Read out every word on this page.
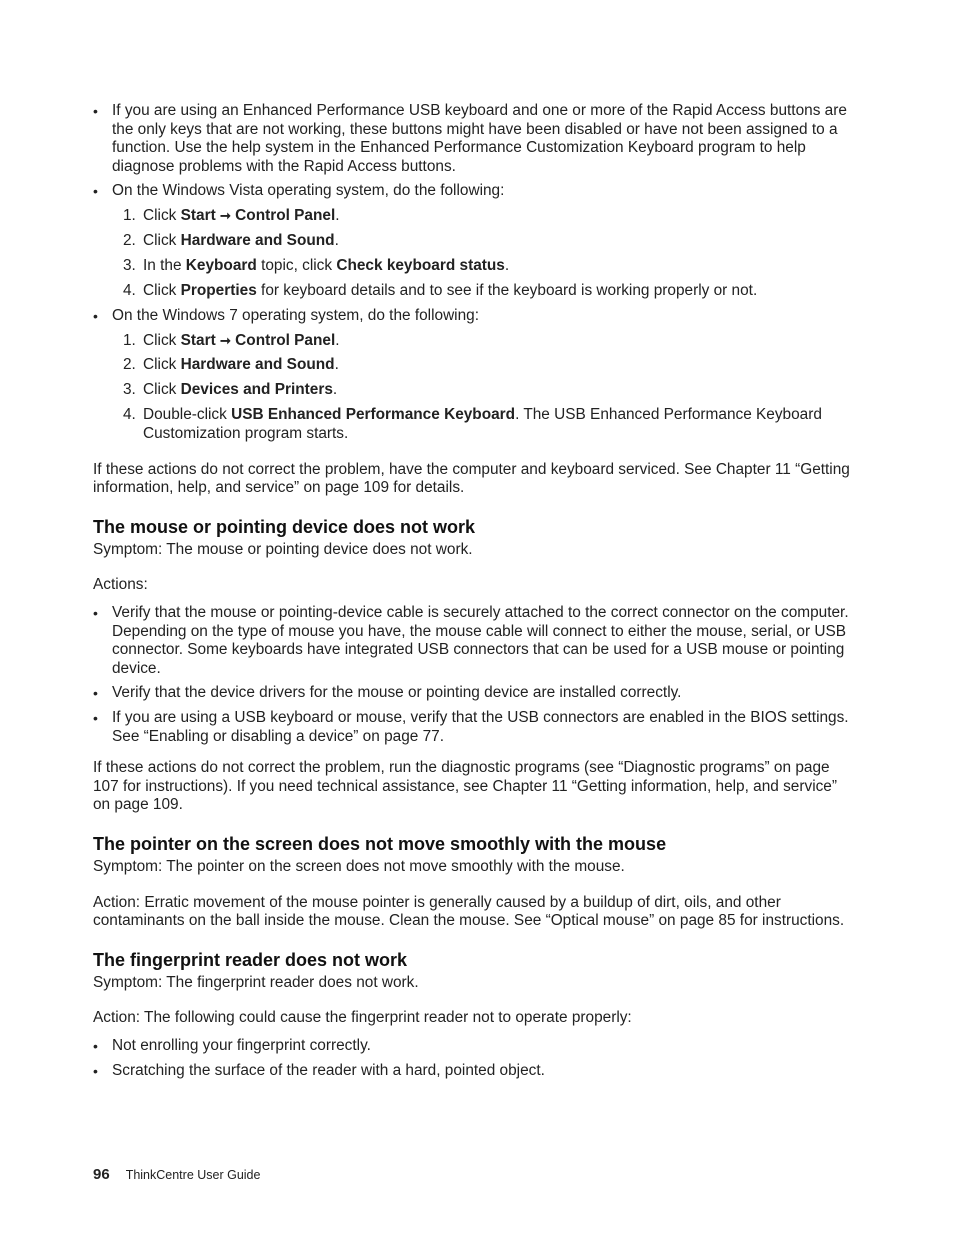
• If you are using an Enhanced Performance USB keyboard and one or more of the Rapid Access buttons are the only keys that are not working, these buttons might have been disabled or have not been assigned to a function. Use the help system in the Enhanced Performance Customization Keyboard program to help diagnose problems with the Rapid Access buttons.
• On the Windows Vista operating system, do the following:
1. Click Start ➞ Control Panel.
2. Click Hardware and Sound.
3. In the Keyboard topic, click Check keyboard status.
4. Click Properties for keyboard details and to see if the keyboard is working properly or not.
• On the Windows 7 operating system, do the following:
1. Click Start ➞ Control Panel.
2. Click Hardware and Sound.
3. Click Devices and Printers.
4. Double-click USB Enhanced Performance Keyboard. The USB Enhanced Performance Keyboard Customization program starts.

If these actions do not correct the problem, have the computer and keyboard serviced. See Chapter 11 “Getting information, help, and service” on page 109 for details.

The mouse or pointing device does not work

Symptom: The mouse or pointing device does not work.

Actions:

• Verify that the mouse or pointing-device cable is securely attached to the correct connector on the computer. Depending on the type of mouse you have, the mouse cable will connect to either the mouse, serial, or USB connector. Some keyboards have integrated USB connectors that can be used for a USB mouse or pointing device.
• Verify that the device drivers for the mouse or pointing device are installed correctly.
• If you are using a USB keyboard or mouse, verify that the USB connectors are enabled in the BIOS settings. See “Enabling or disabling a device” on page 77.

If these actions do not correct the problem, run the diagnostic programs (see “Diagnostic programs” on page 107 for instructions). If you need technical assistance, see Chapter 11 “Getting information, help, and service” on page 109.

The pointer on the screen does not move smoothly with the mouse

Symptom: The pointer on the screen does not move smoothly with the mouse.

Action: Erratic movement of the mouse pointer is generally caused by a buildup of dirt, oils, and other contaminants on the ball inside the mouse. Clean the mouse. See “Optical mouse” on page 85 for instructions.

The fingerprint reader does not work

Symptom: The fingerprint reader does not work.

Action: The following could cause the fingerprint reader not to operate properly:

• Not enrolling your fingerprint correctly.
• Scratching the surface of the reader with a hard, pointed object.
96 ThinkCentre User Guide
